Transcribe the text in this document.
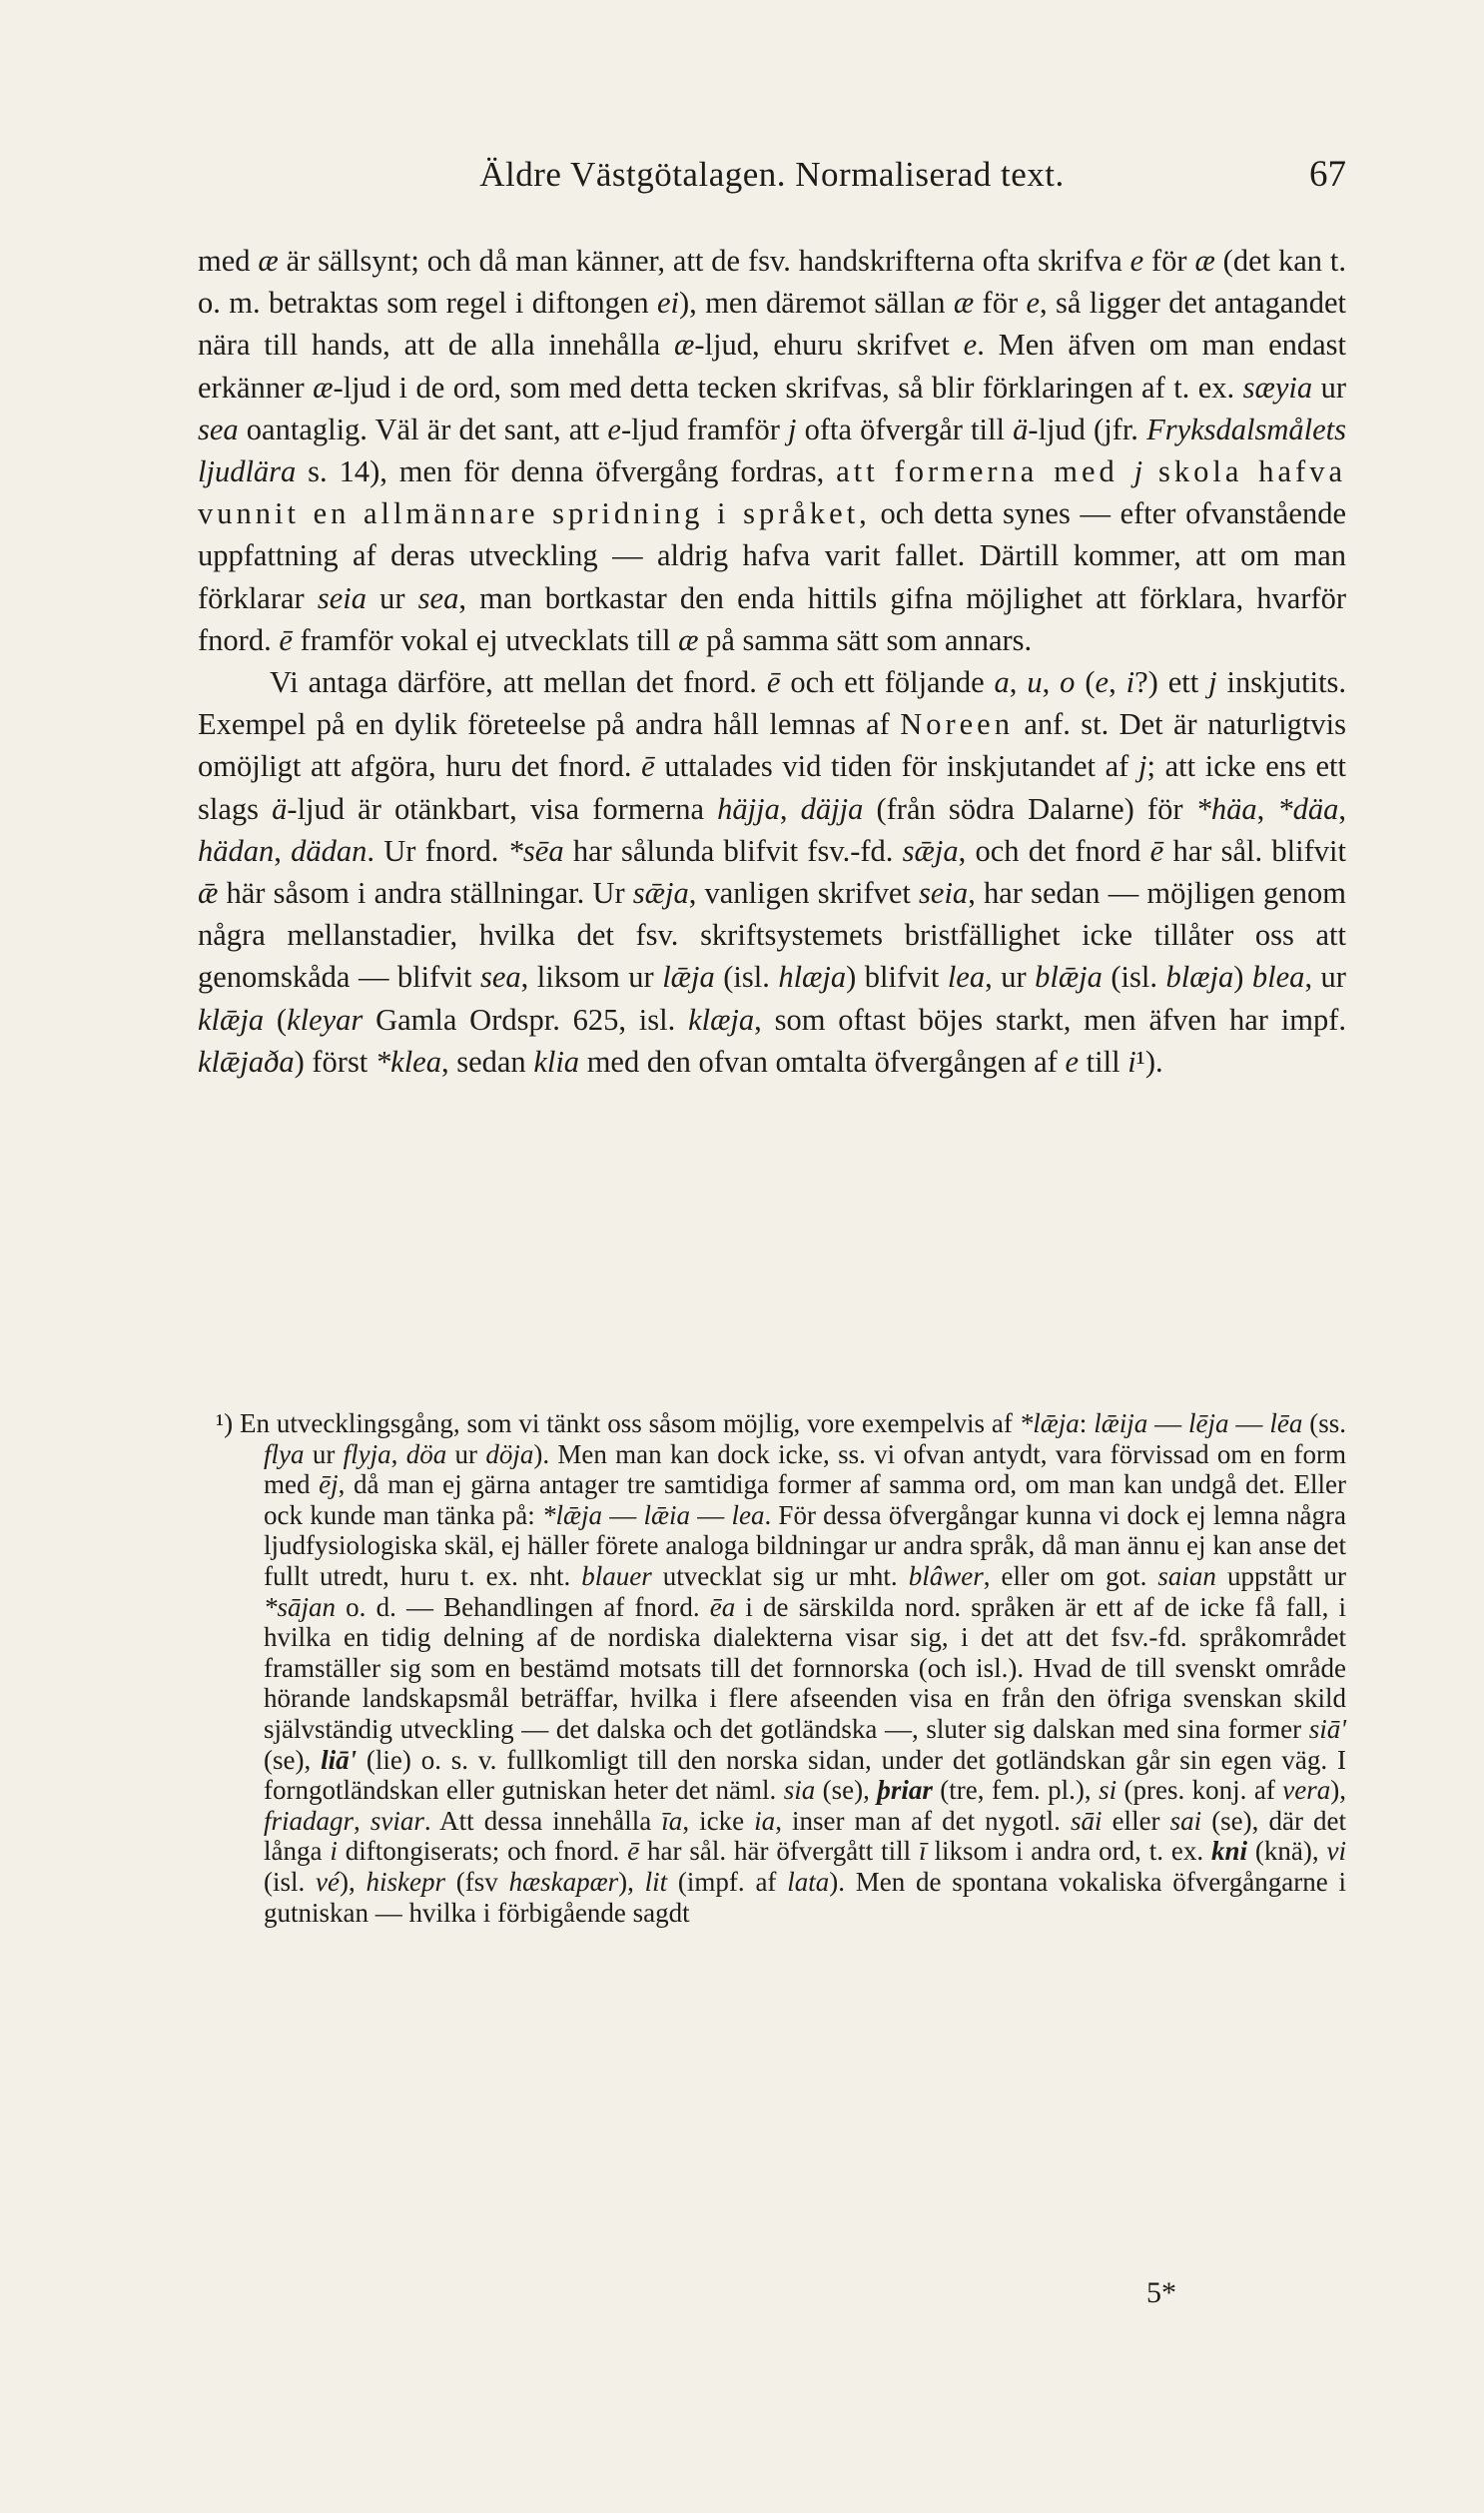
Äldre Västgötalagen. Normaliserad text.	67

med æ är sällsynt; och då man känner, att de fsv. handskrifterna ofta skrifva e för æ (det kan t. o. m. betraktas som regel i diftongen ei), men däremot sällan æ för e, så ligger det antagandet nära till hands, att de alla innehålla æ-ljud, ehuru skrifvet e. Men äfven om man endast erkänner æ-ljud i de ord, som med detta tecken skrifvas, så blir förklaringen af t. ex. sæyia ur sea oantaglig. Väl är det sant, att e-ljud framför j ofta öfvergår till ä-ljud (jfr. Fryksdalsmålets ljudlära s. 14), men för denna öfvergång fordras, att formerna med j skola hafva vunnit en allmännare spridning i språket, och detta synes — efter ofvanstående uppfattning af deras utveckling — aldrig hafva varit fallet. Därtill kommer, att om man förklarar seia ur sea, man bortkastar den enda hittils gifna möjlighet att förklara, hvarför fnord. ē framför vokal ej utvecklats till æ på samma sätt som annars.

Vi antaga därföre, att mellan det fnord. ē och ett följande a, u, o (e, i?) ett j inskjutits. Exempel på en dylik företeelse på andra håll lemnas af Noreen anf. st. Det är naturligtvis omöjligt att afgöra, huru det fnord. ē uttalades vid tiden för inskjutandet af j; att icke ens ett slags ä-ljud är otänkbart, visa formerna häjja, däjja (från södra Dalarne) för *häa, *däa, hädan, dädan. Ur fnord. *sēa har sålunda blifvit fsv.-fd. sǣja, och det fnord ē har sål. blifvit ǣ här såsom i andra ställningar. Ur sǣja, vanligen skrifvet seia, har sedan — möjligen genom några mellanstadier, hvilka det fsv. skriftsystemets bristfällighet icke tillåter oss att genomskåda — blifvit sea, liksom ur lǣja (isl. hlæja) blifvit lea, ur blǣja (isl. blæja) blea, ur klǣja (kleyar Gamla Ordspr. 625, isl. klæja, som oftast böjes starkt, men äfven har impf. klǣjaða) först *klea, sedan klia med den ofvan omtalta öfvergången af e till i¹).

¹) En utvecklingsgång, som vi tänkt oss såsom möjlig, vore exempelvis af *lǣja: lǣija — lēja — lēa (ss. flya ur flyja, döa ur döja). Men man kan dock icke, ss. vi ofvan antydt, vara förvissad om en form med ēj, då man ej gärna antager tre samtidiga former af samma ord, om man kan undgå det. Eller ock kunde man tänka på: *lǣja — lǣia — lea. För dessa öfvergångar kunna vi dock ej lemna några ljudfysiologiska skäl, ej häller förete analoga bildningar ur andra språk, då man ännu ej kan anse det fullt utredt, huru t. ex. nht. blauer utvecklat sig ur mht. blâwer, eller om got. saian uppstått ur *sājan o. d. — Behandlingen af fnord. ēa i de särskilda nord. språken är ett af de icke få fall, i hvilka en tidig delning af de nordiska dialekterna visar sig, i det att det fsv.-fd. språkområdet framställer sig som en bestämd motsats till det fornnorska (och isl.). Hvad de till svenskt område hörande landskapsmål beträffar, hvilka i flere afseenden visa en från den öfriga svenskan skild självständig utveckling — det dalska och det gotländska —, sluter sig dalskan med sina former siā' (se), liā' (lie) o. s. v. fullkomligt till den norska sidan, under det gotländskan går sin egen väg. I forngotländskan eller gutniskan heter det näml. sia (se), þriar (tre, fem. pl.), si (pres. konj. af vera), friadagr, sviar. Att dessa innehålla īa, icke ia, inser man af det nygotl. sāi eller sai (se), där det långa i diftongiserats; och fnord. ē har sål. här öfvergått till ī liksom i andra ord, t. ex. kni (knä), vi (isl. vé), hiskepr (fsv hæskapær), lit (impf. af lata). Men de spontana vokaliska öfvergångarne i gutniskan — hvilka i förbigående sagdt

5*
